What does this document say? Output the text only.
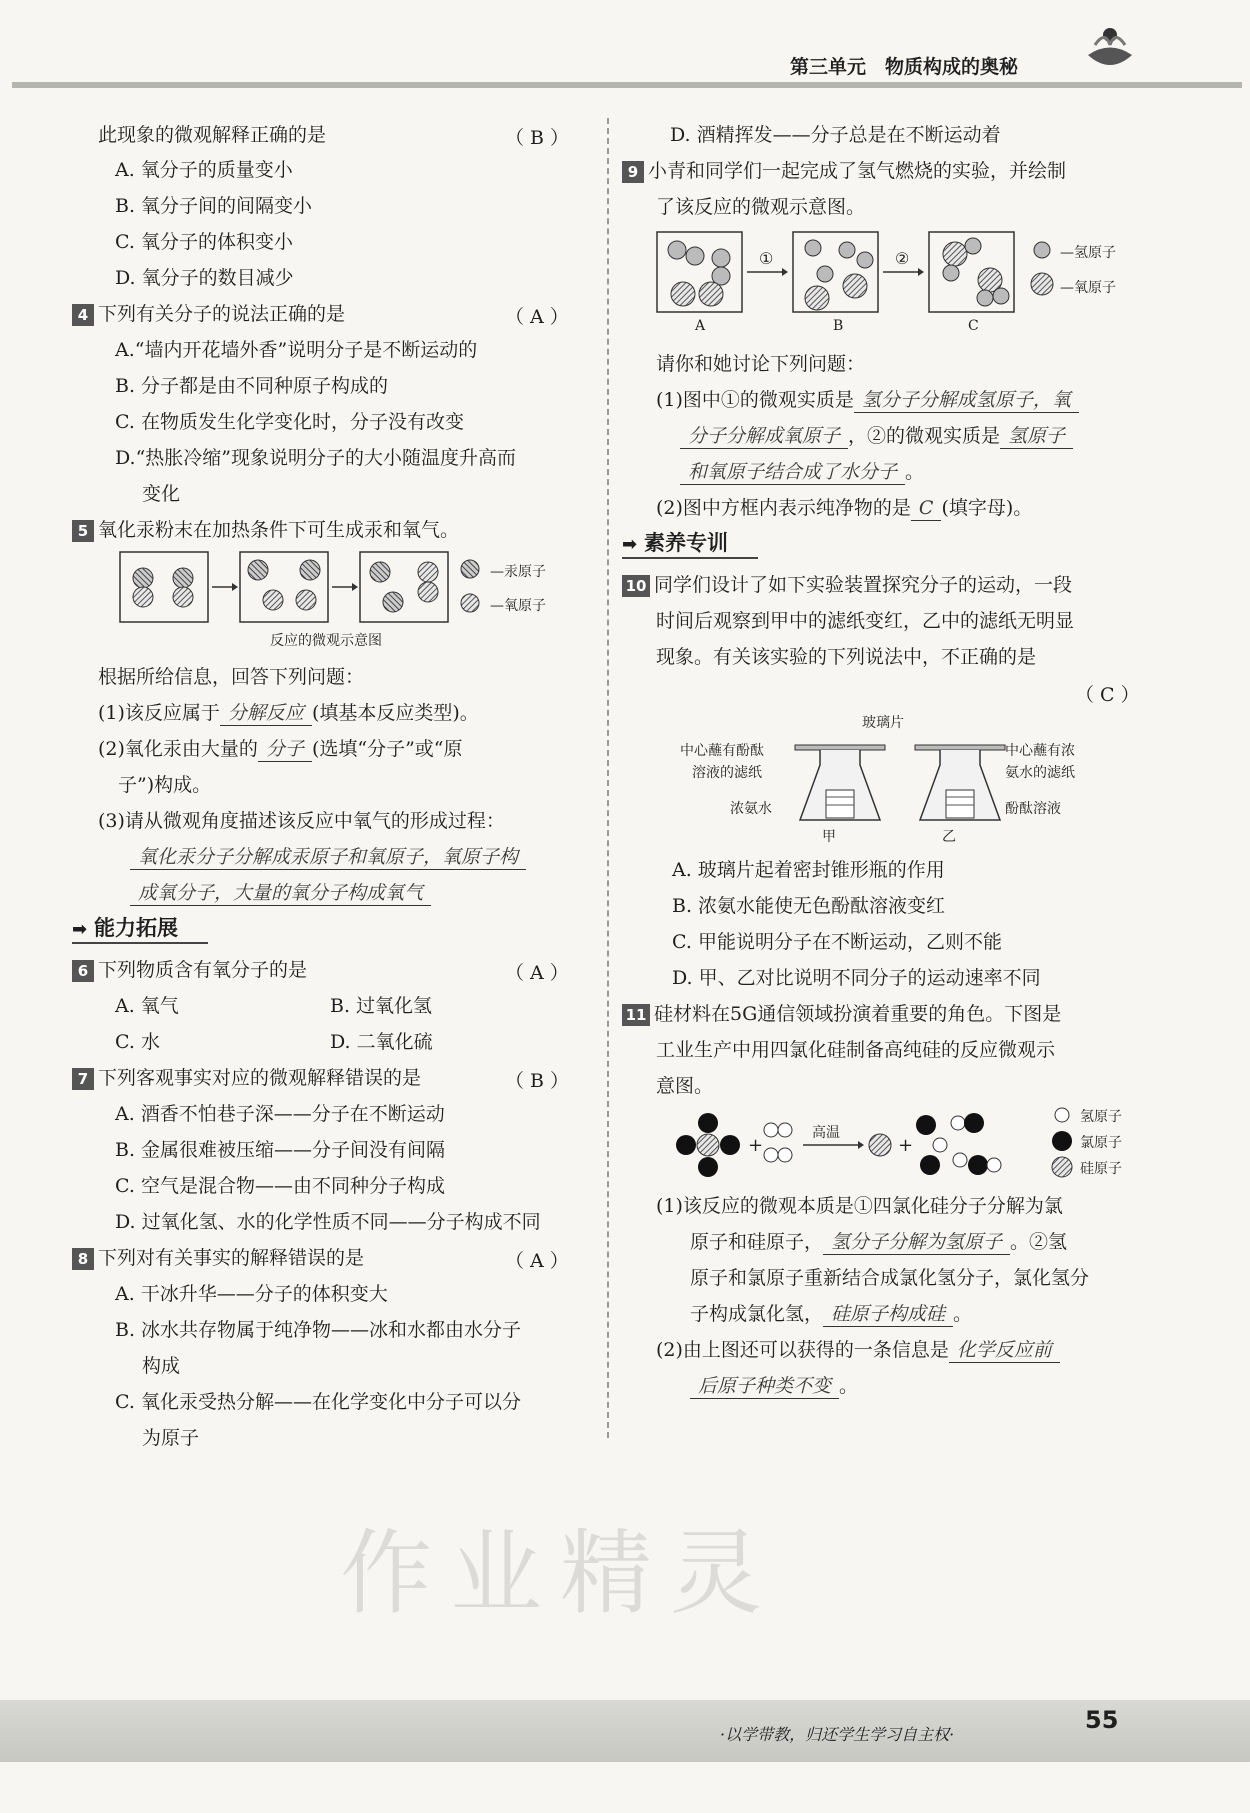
第三单元　物质构成的奥秘
此现象的微观解释正确的是	（ B ）
A. 氧分子的质量变小
B. 氧分子间的间隔变小
C. 氧分子的体积变小
D. 氧分子的数目减少
4 下列有关分子的说法正确的是	（ A ）
A.“墙内开花墙外香”说明分子是不断运动的
B. 分子都是由不同种原子构成的
C. 在物质发生化学变化时，分子没有改变
D.“热胀冷缩”现象说明分子的大小随温度升高而
变化
5 氧化汞粉末在加热条件下可生成汞和氧气。
—汞原子
—氧原子
反应的微观示意图
根据所给信息，回答下列问题：
(1)该反应属于 分解反应 (填基本反应类型)。
(2)氧化汞由大量的 分子 (选填“分子”或“原
子”)构成。
(3)请从微观角度描述该反应中氧气的形成过程：
氧化汞分子分解成汞原子和氧原子，氧原子构
成氧分子，大量的氧分子构成氧气
➡ 能力拓展
6 下列物质含有氧分子的是	（ A ）
A. 氧气	B. 过氧化氢
C. 水	D. 二氧化硫
7 下列客观事实对应的微观解释错误的是	（ B ）
A. 酒香不怕巷子深——分子在不断运动
B. 金属很难被压缩——分子间没有间隔
C. 空气是混合物——由不同种分子构成
D. 过氧化氢、水的化学性质不同——分子构成不同
8 下列对有关事实的解释错误的是	（ A ）
A. 干冰升华——分子的体积变大
B. 冰水共存物属于纯净物——冰和水都由水分子
构成
C. 氧化汞受热分解——在化学变化中分子可以分
为原子
D. 酒精挥发——分子总是在不断运动着
9 小青和同学们一起完成了氢气燃烧的实验，并绘制
了该反应的微观示意图。
①	②
A	B	C
—氢原子
—氧原子
请你和她讨论下列问题：
(1)图中①的微观实质是 氢分子分解成氢原子，氧
分子分解成氧原子 ，②的微观实质是 氢原子
和氧原子结合成了水分子 。
(2)图中方框内表示纯净物的是 C (填字母)。
➡ 素养专训
10 同学们设计了如下实验装置探究分子的运动，一段
时间后观察到甲中的滤纸变红，乙中的滤纸无明显
现象。有关该实验的下列说法中，不正确的是
（ C ）
玻璃片
中心蘸有酚酞
溶液的滤纸
浓氨水
中心蘸有浓
氨水的滤纸
酚酞溶液
甲	乙
A. 玻璃片起着密封锥形瓶的作用
B. 浓氨水能使无色酚酞溶液变红
C. 甲能说明分子在不断运动，乙则不能
D. 甲、乙对比说明不同分子的运动速率不同
11 硅材料在5G通信领域扮演着重要的角色。下图是
工业生产中用四氯化硅制备高纯硅的反应微观示
意图。
+	+
高温
氢原子
氯原子
硅原子
(1)该反应的微观本质是①四氯化硅分子分解为氯
原子和硅原子， 氢分子分解为氢原子 。②氢
原子和氯原子重新结合成氯化氢分子，氯化氢分
子构成氯化氢， 硅原子构成硅 。
(2)由上图还可以获得的一条信息是 化学反应前
后原子种类不变 。
作业精灵
·以学带教，归还学生学习自主权·
55
